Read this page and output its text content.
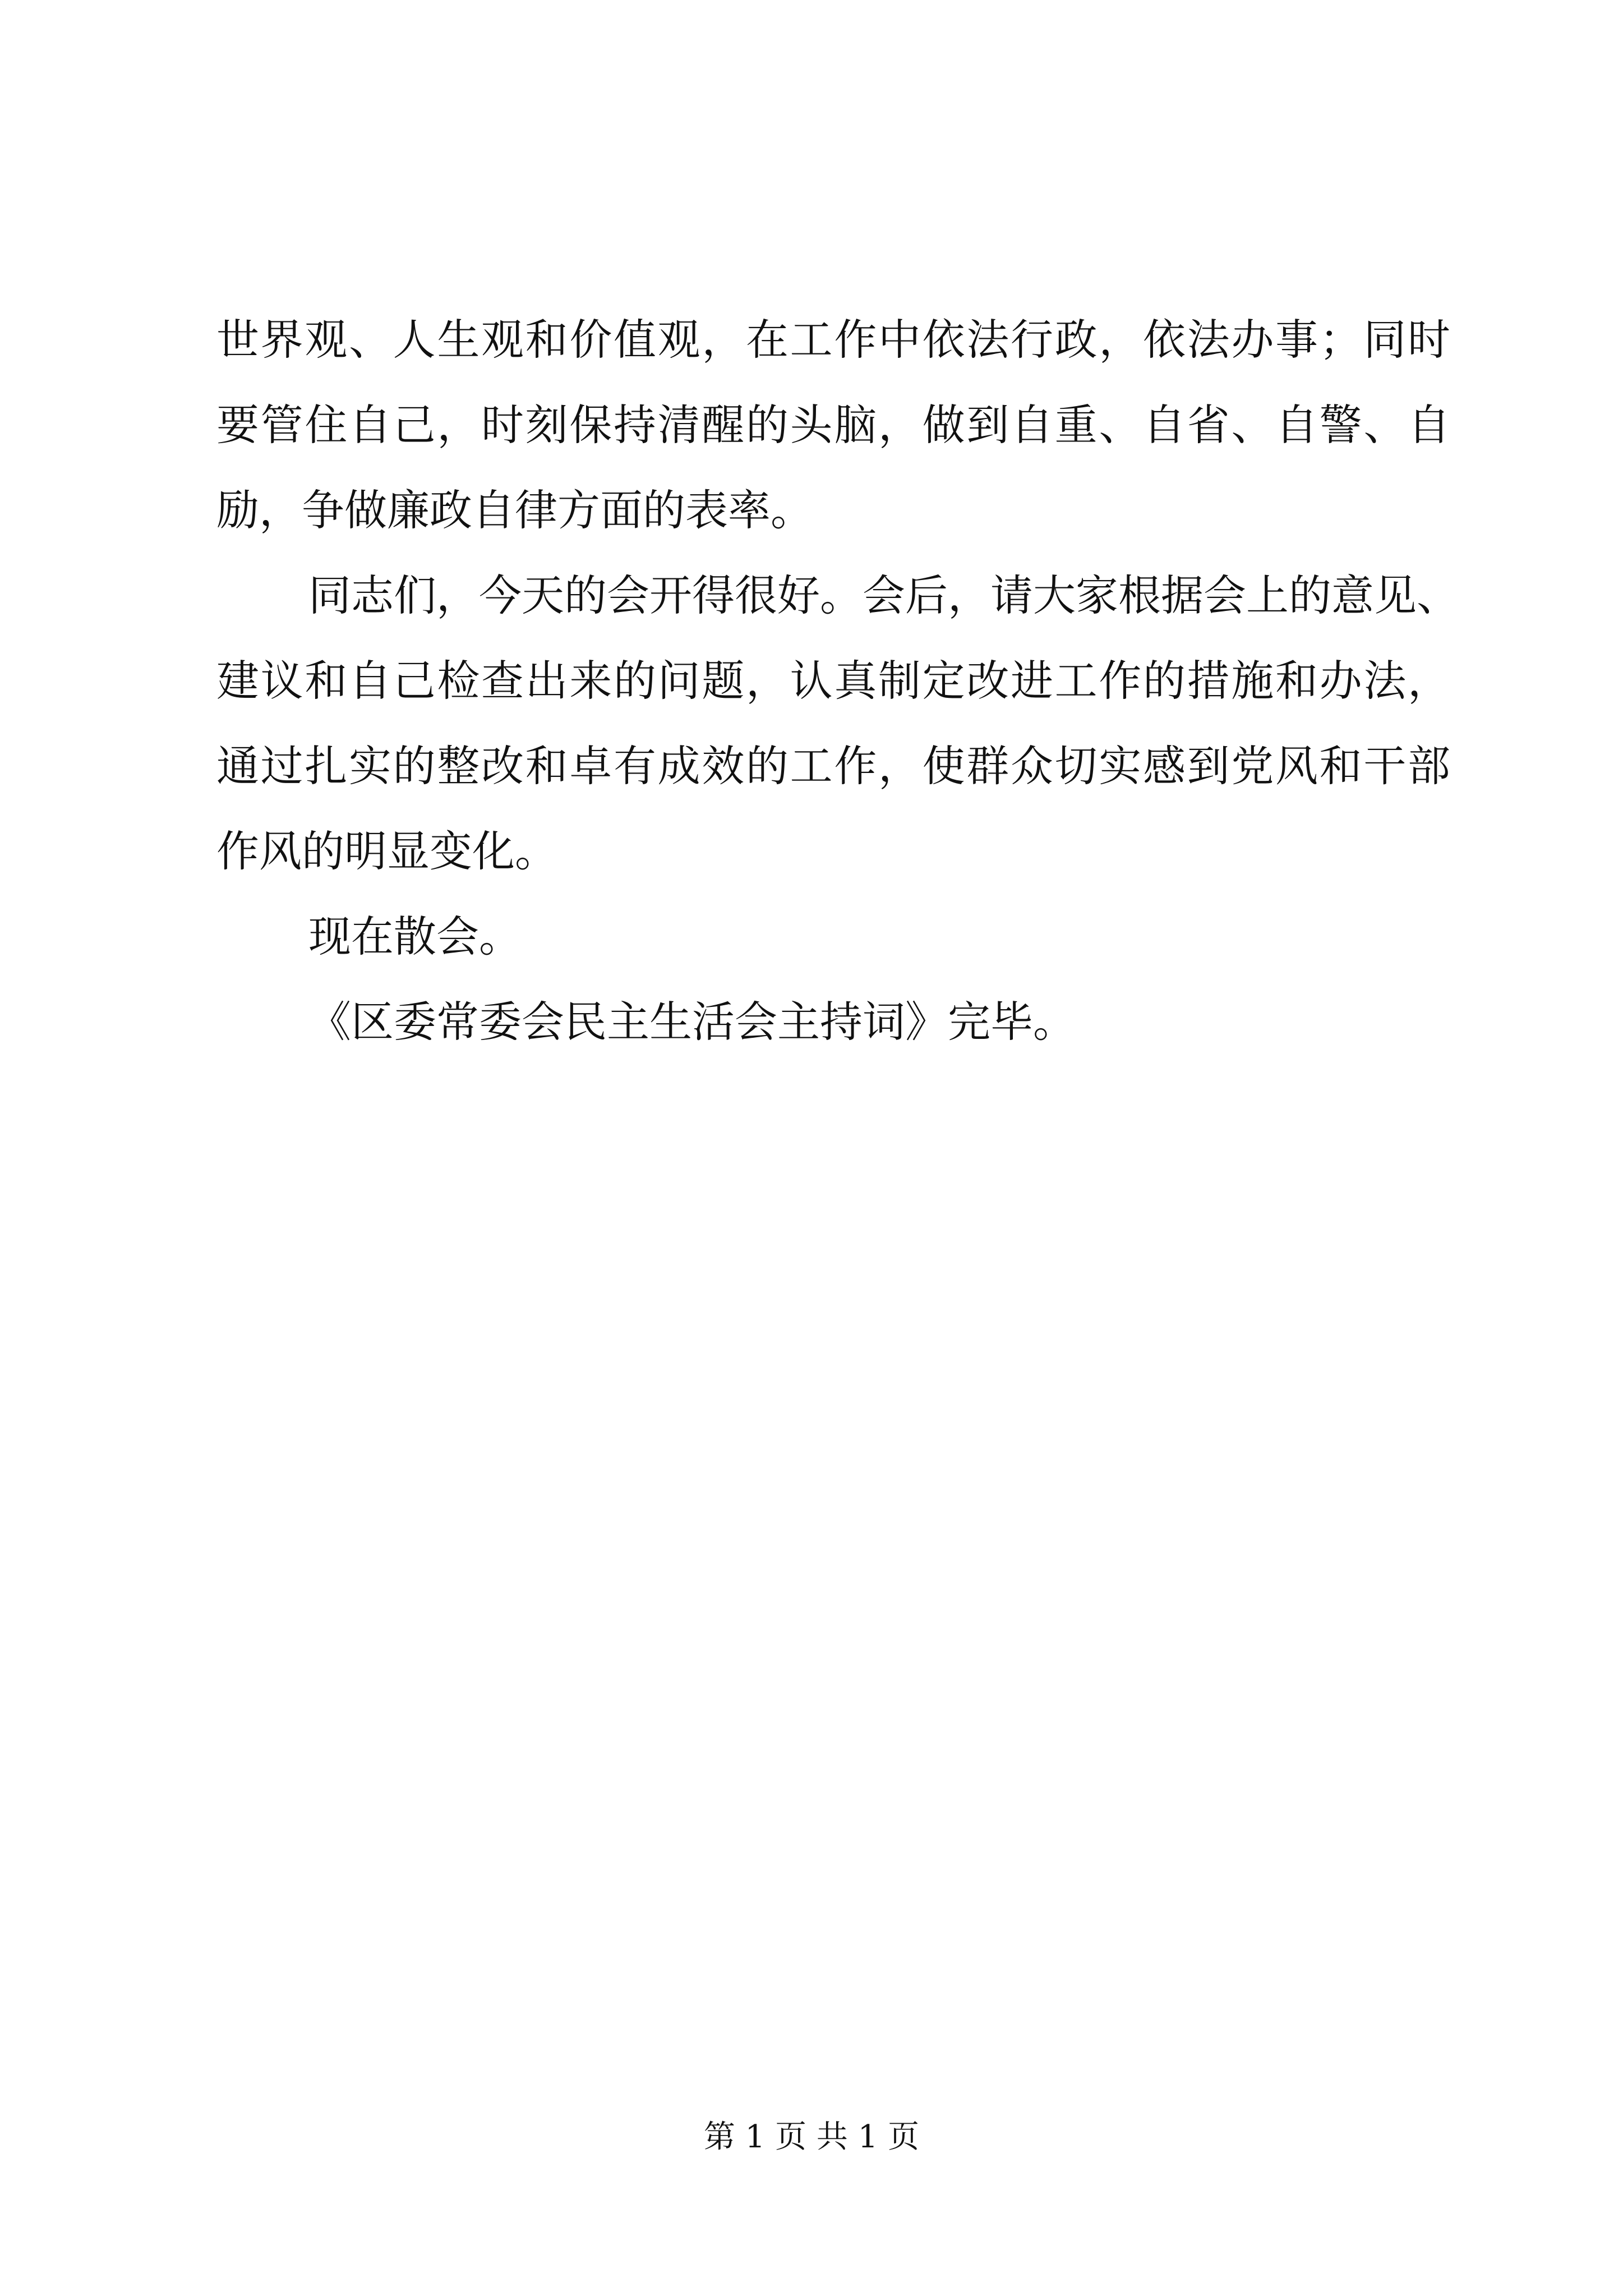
世界观、人生观和价值观，在工作中依法行政，依法办事；同时
要管住自己，时刻保持清醒的头脑，做到自重、自省、自警、自
励，争做廉政自律方面的表率。
同志们，今天的会开得很好。会后，请大家根据会上的意见、
建议和自己检查出来的问题，认真制定改进工作的措施和办法，
通过扎实的整改和卓有成效的工作，使群众切实感到党风和干部
作风的明显变化。
现在散会。
《区委常委会民主生活会主持词》完毕。
第 1 页 共 1 页
